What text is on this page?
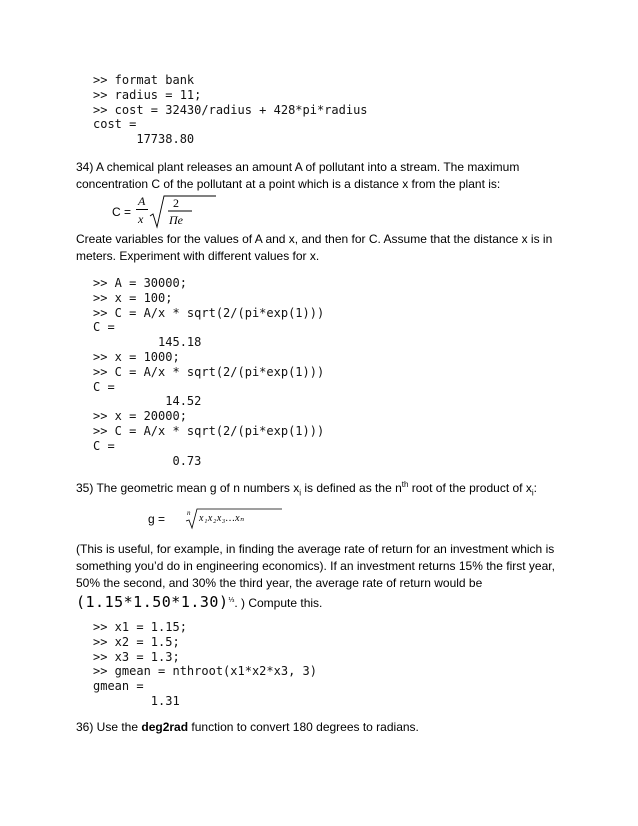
>> format bank
>> radius = 11;
>> cost = 32430/radius + 428*pi*radius
cost =
17738.80

34) A chemical plant releases an amount A of pollutant into a stream. The maximum concentration C of the pollutant at a point which is a distance x from the plant is:

C =
A
x
2
Πe

Create variables for the values of A and x, and then for C. Assume that the distance x is in meters. Experiment with different values for x.

>> A = 30000;
>> x = 100;
>> C = A/x * sqrt(2/(pi*exp(1)))
C =
145.18
>> x = 1000;
>> C = A/x * sqrt(2/(pi*exp(1)))
C =
14.52
>> x = 20000;
>> C = A/x * sqrt(2/(pi*exp(1)))
C =
0.73

35) The geometric mean g of n numbers $x_i$ is defined as the $n^{th}$ root of the product of $x_i$:

g =	n x₁x₂x₃…xₙ

(This is useful, for example, in finding the average rate of return for an investment which is something you’d do in engineering economics). If an investment returns 15% the first year, 50% the second, and 30% the third year, the average rate of return would be
$(1.15*1.50*1.30)^{\frac{1}{3}}$. ) Compute this.

>> x1 = 1.15;
>> x2 = 1.5;
>> x3 = 1.3;
>> gmean = nthroot(x1*x2*x3, 3)
gmean =
1.31

36) Use the deg2rad function to convert 180 degrees to radians.
